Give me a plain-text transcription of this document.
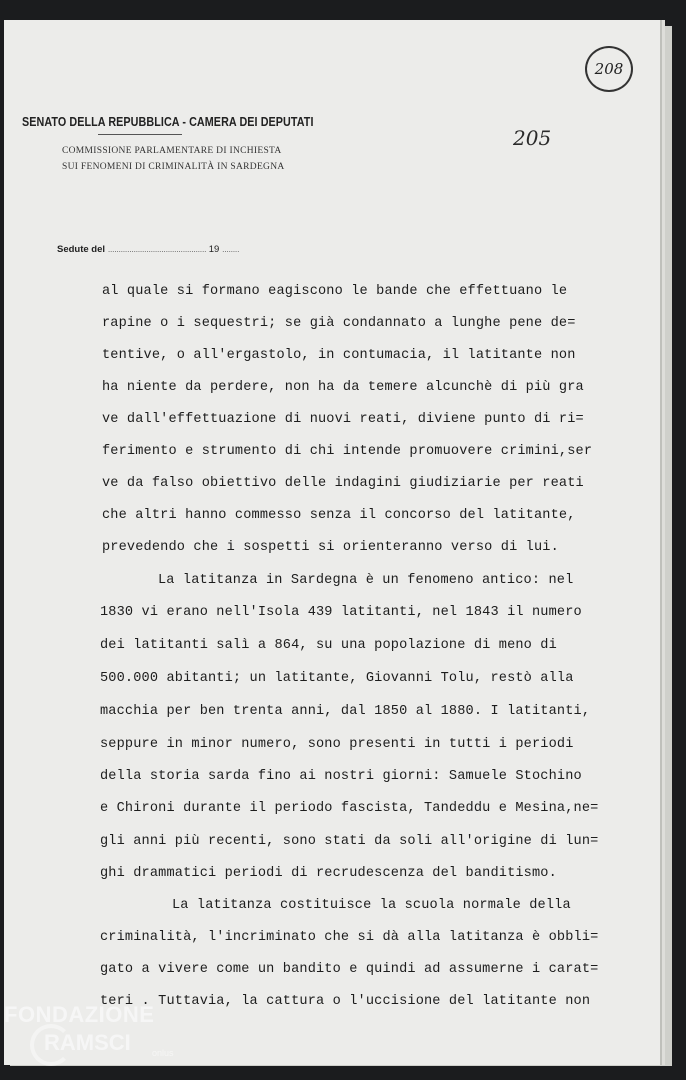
SENATO DELLA REPUBBLICA - CAMERA DEI DEPUTATI
COMMISSIONE PARLAMENTARE DI INCHIESTA
SUI FENOMENI DI CRIMINALITÀ IN SARDEGNA
205
208
Sedute del .............................................. 19 ........
al quale si formano eagiscono le bande che effettuano le
rapine o i sequestri; se già condannato a lunghe pene de=
tentive, o all'ergastolo, in contumacia, il latitante non
ha niente da perdere, non ha da temere alcunchè di più gra
ve dall'effettuazione di nuovi reati, diviene punto di ri=
ferimento e strumento di chi intende promuovere crimini,ser
ve da falso obiettivo delle indagini giudiziarie per reati
che altri hanno commesso senza il concorso del latitante,
prevedendo che i sospetti si orienteranno verso di lui.
La latitanza in Sardegna è un fenomeno antico: nel
1830 vi erano nell'Isola 439 latitanti, nel 1843 il numero
dei latitanti salì a 864, su una popolazione di meno di
500.000 abitanti; un latitante, Giovanni Tolu, restò alla
macchia per ben trenta anni, dal 1850 al 1880. I latitanti,
seppure in minor numero, sono presenti in tutti i periodi
della storia sarda fino ai nostri giorni: Samuele Stochino
e Chironi durante il periodo fascista, Tandeddu e Mesina,ne=
gli anni più recenti, sono stati da soli all'origine di lun=
ghi drammatici periodi di recrudescenza del banditismo.
La latitanza costituisce la scuola normale della
criminalità, l'incriminato che si dà alla latitanza è obbli=
gato a vivere come un bandito e quindi ad assumerne i carat=
teri . Tuttavia, la cattura o l'uccisione del latitante non
FONDAZIONE
RAMSCI onlus
